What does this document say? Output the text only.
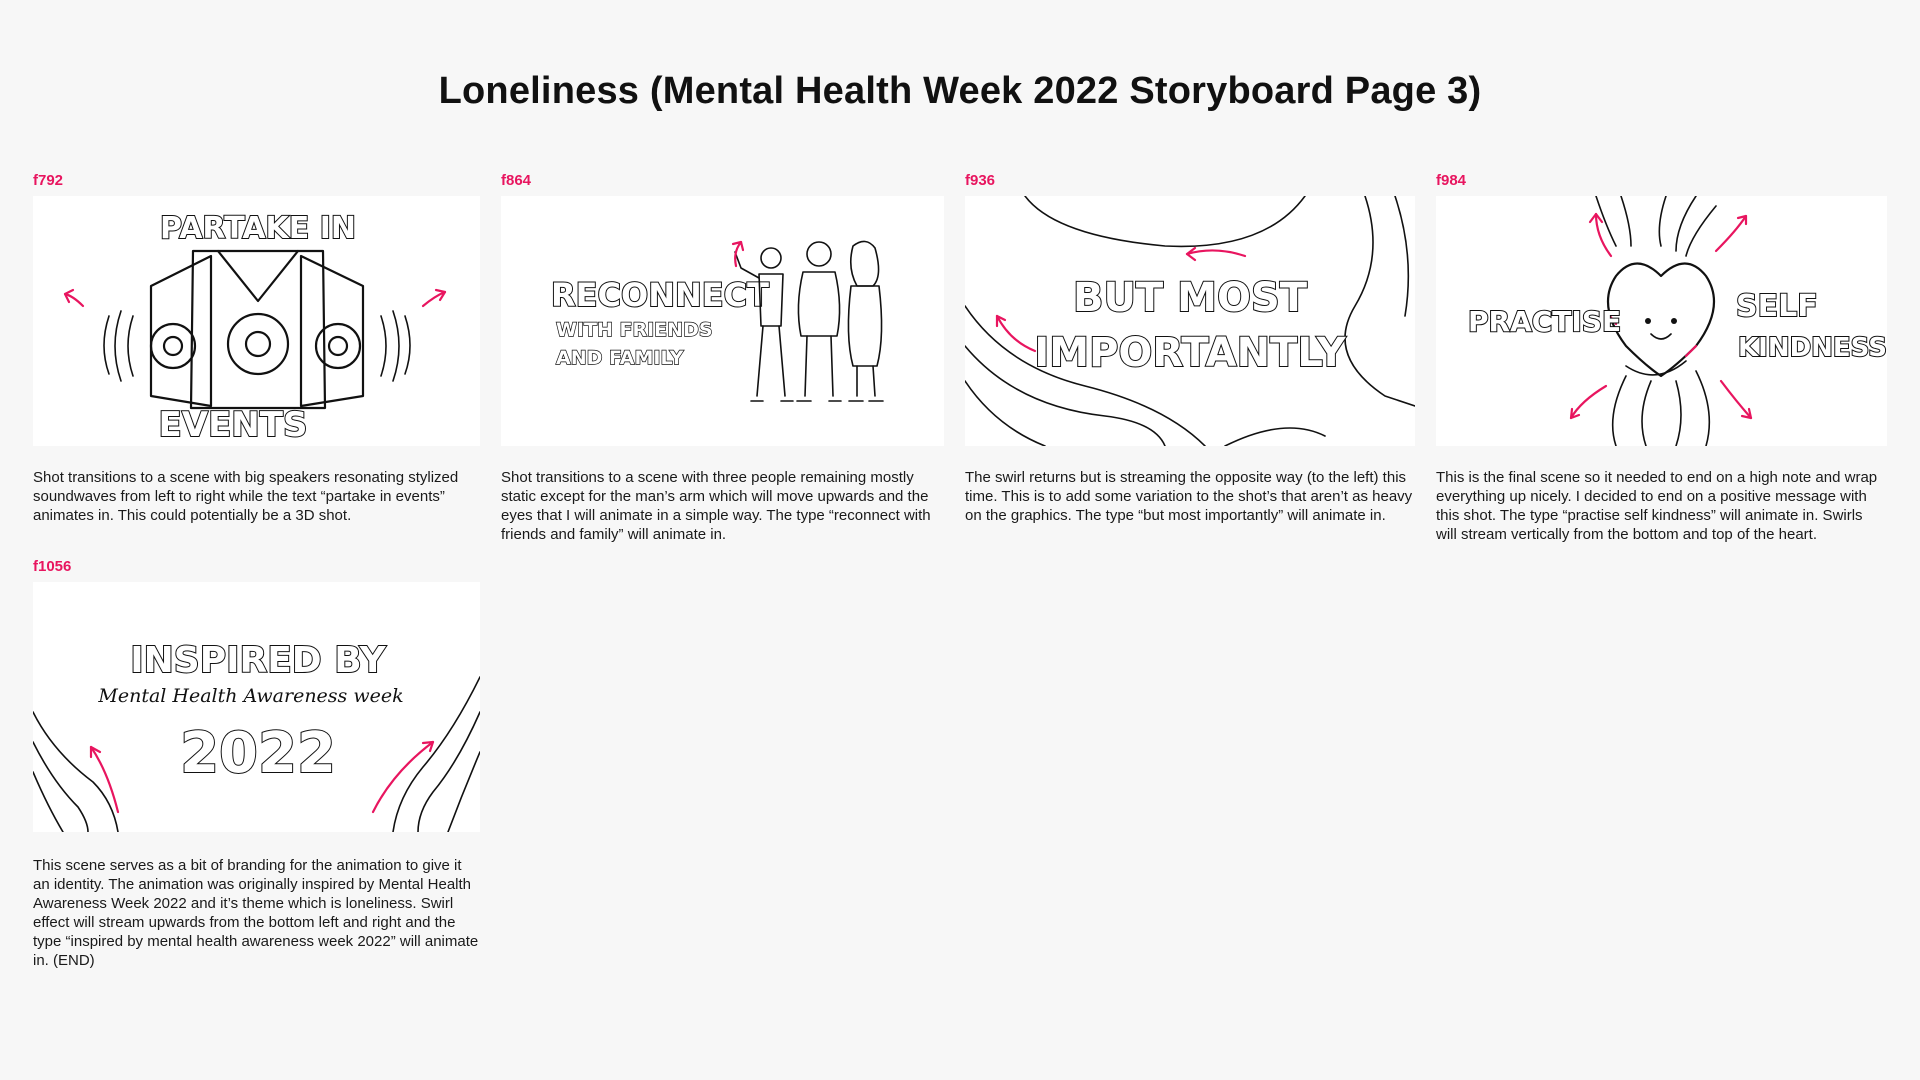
Loneliness (Mental Health Week 2022 Storyboard Page 3)
f792
PARTAKE IN
EVENTS

Shot transitions to a scene with big speakers resonating stylized soundwaves from left to right while the text “partake in events” animates in. This could potentially be a 3D shot.

f864
RECONNECT
WITH FRIENDS
AND FAMILY

Shot transitions to a scene with three people remaining mostly static except for the man’s arm which will move upwards and the eyes that I will animate in a simple way. The type “reconnect with friends and family” will animate in.

f936
BUT MOST
IMPORTANTLY

The swirl returns but is streaming the opposite way (to the left) this time. This is to add some variation to the shot’s that aren’t as heavy on the graphics. The type “but most importantly” will animate in.

f984
PRACTISE	SELF
KINDNESS

This is the final scene so it needed to end on a high note and wrap everything up nicely. I decided to end on a positive message with this shot. The type “practise self kindness” will animate in. Swirls will stream vertically from the bottom and top of the heart.

f1056
INSPIRED BY
Mental Health Awareness week
2022

This scene serves as a bit of branding for the animation to give it an identity. The animation was originally inspired by Mental Health Awareness Week 2022 and it’s theme which is loneliness. Swirl effect will stream upwards from the bottom left and right and the type “inspired by mental health awareness week 2022” will animate in. (END)
